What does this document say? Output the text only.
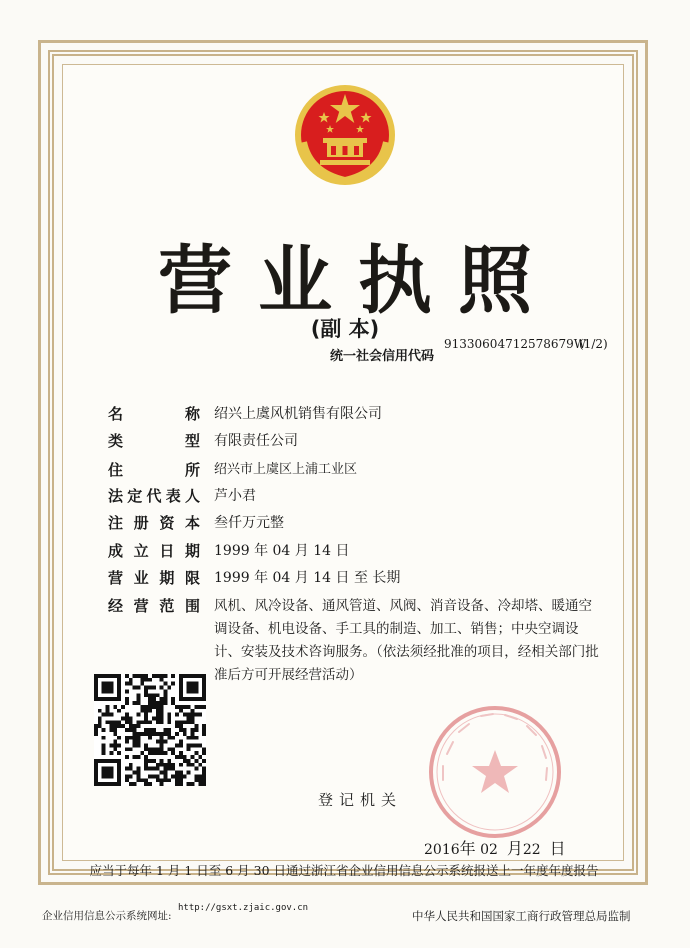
营业执照
(副 本)
统一社会信用代码
91330604712578679W
(1/2)
名称 绍兴上虞风机销售有限公司
类型 有限责任公司
住所 绍兴市上虞区上浦工业区
法定代表人 芦小君
注册资本 叁仟万元整
成立日期 1999 年 04 月 14 日
营业期限 1999 年 04 月 14 日 至 长期
经营范围 风机、风冷设备、通风管道、风阀、消音设备、冷却塔、暖通空调设备、机电设备、手工具的制造、加工、销售；中央空调设计、安装及技术咨询服务。（依法须经批准的项目，经相关部门批准后方可开展经营活动）
登记机关
2016年 02 月22 日
应当于每年 1 月 1 日至 6 月 30 日通过浙江省企业信用信息公示系统报送上一年度年度报告
企业信用信息公示系统网址:
http://gsxt.zjaic.gov.cn
中华人民共和国国家工商行政管理总局监制
